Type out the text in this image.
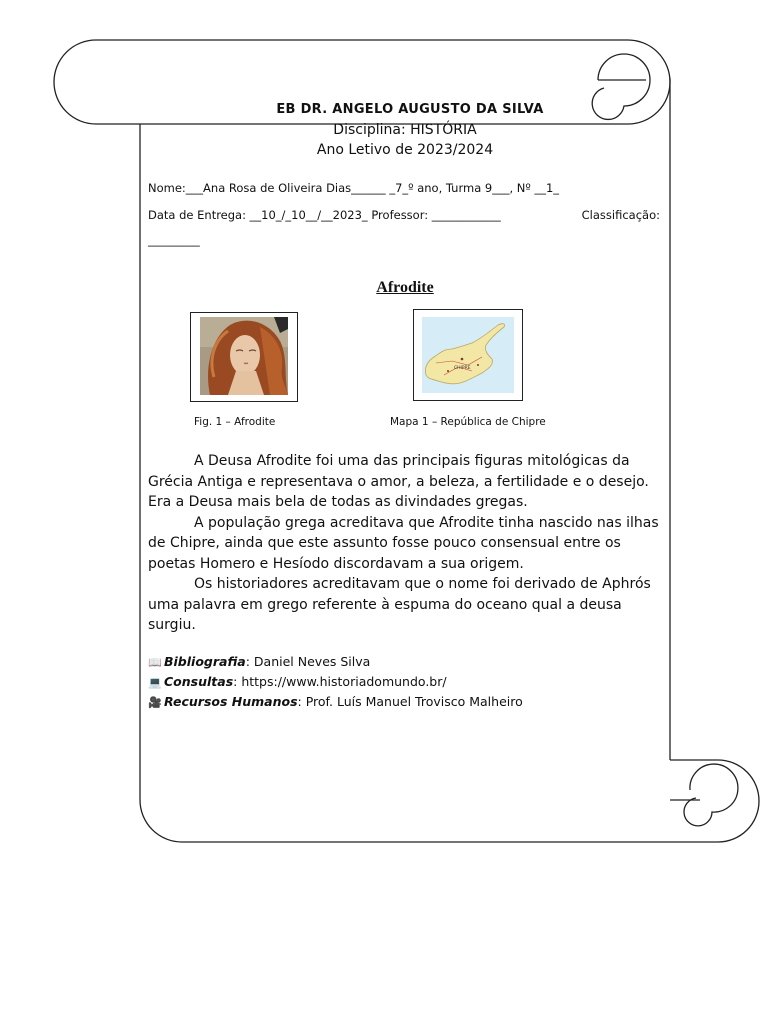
EB DR. ANGELO AUGUSTO DA SILVA
Disciplina: HISTÓRIA
Ano Letivo de 2023/2024
Nome:___Ana Rosa de Oliveira Dias______ _7_º ano, Turma 9___, Nº __1_
Data de Entrega: __10_/_10__/__2023_ Professor: ____________	Classificação:
_________
Afrodite
CHIPRE
Fig. 1 – Afrodite	Mapa 1 – República de Chipre

A Deusa Afrodite foi uma das principais figuras mitológicas da Grécia Antiga e representava o amor, a beleza, a fertilidade e o desejo. Era a Deusa mais bela de todas as divindades gregas.

A população grega acreditava que Afrodite tinha nascido nas ilhas de Chipre, ainda que este assunto fosse pouco consensual entre os poetas Homero e Hesíodo discordavam a sua origem.

Os historiadores acreditavam que o nome foi derivado de Aphrós uma palavra em grego referente à espuma do oceano qual a deusa surgiu.

📖 Bibliografia: Daniel Neves Silva
💻 Consultas: https://www.historiadomundo.br/
🎥 Recursos Humanos: Prof. Luís Manuel Trovisco Malheiro
